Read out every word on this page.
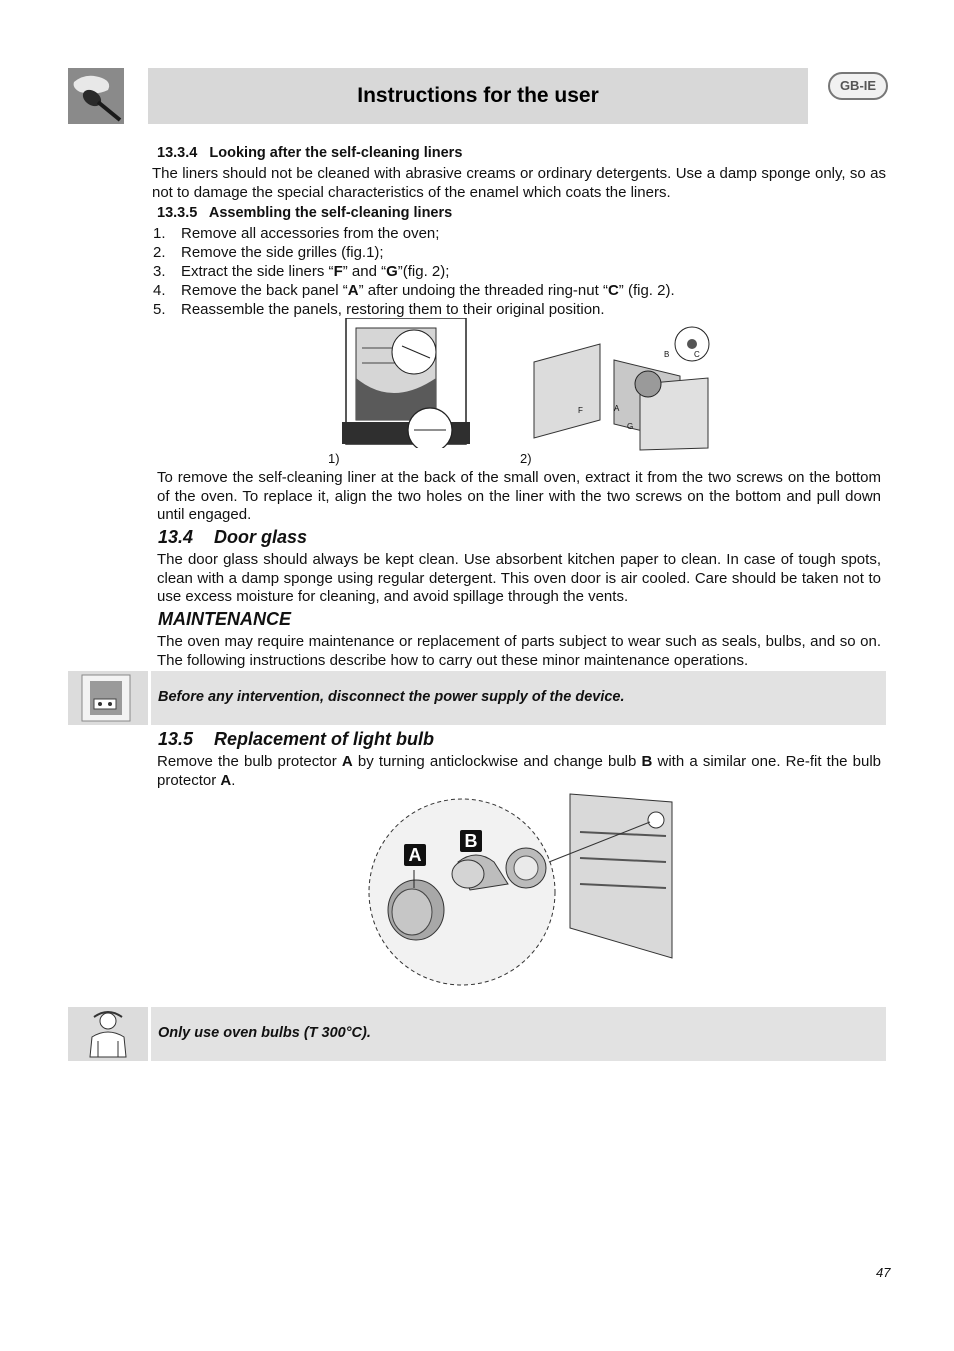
Instructions for the user	GB-IE
13.3.4   Looking after the self-cleaning liners
The liners should not be cleaned with abrasive creams or ordinary detergents. Use a damp sponge only, so as not to damage the special characteristics of the enamel which coats the liners.
13.3.5   Assembling the self-cleaning liners
1. Remove all accessories from the oven;
2. Remove the side grilles (fig.1);
3. Extract the side liners “F” and “G”(fig. 2);
4. Remove the back panel “A” after undoing the threaded ring-nut “C” (fig. 2).
5. Reassemble the panels, restoring them to their original position.
1)
B	C
F	A
G
2)
To remove the self-cleaning liner at the back of the small oven, extract it from the two screws on the bottom of the oven. To replace it, align the two holes on the liner with the two screws on the bottom and pull down until engaged.
13.4 Door glass
The door glass should always be kept clean. Use absorbent kitchen paper to clean. In case of tough spots, clean with a damp sponge using regular detergent. This oven door is air cooled. Care should be taken not to use excess moisture for cleaning, and avoid spillage through the vents.
MAINTENANCE
The oven may require maintenance or replacement of parts subject to wear such as seals, bulbs, and so on. The following instructions describe how to carry out these minor maintenance operations.
Before any intervention, disconnect the power supply of the device.
13.5 Replacement of light bulb
Remove the bulb protector A by turning anticlockwise and change bulb B with a similar one. Re-fit the bulb protector A.
A
B
Only use oven bulbs (T 300°C).
47
